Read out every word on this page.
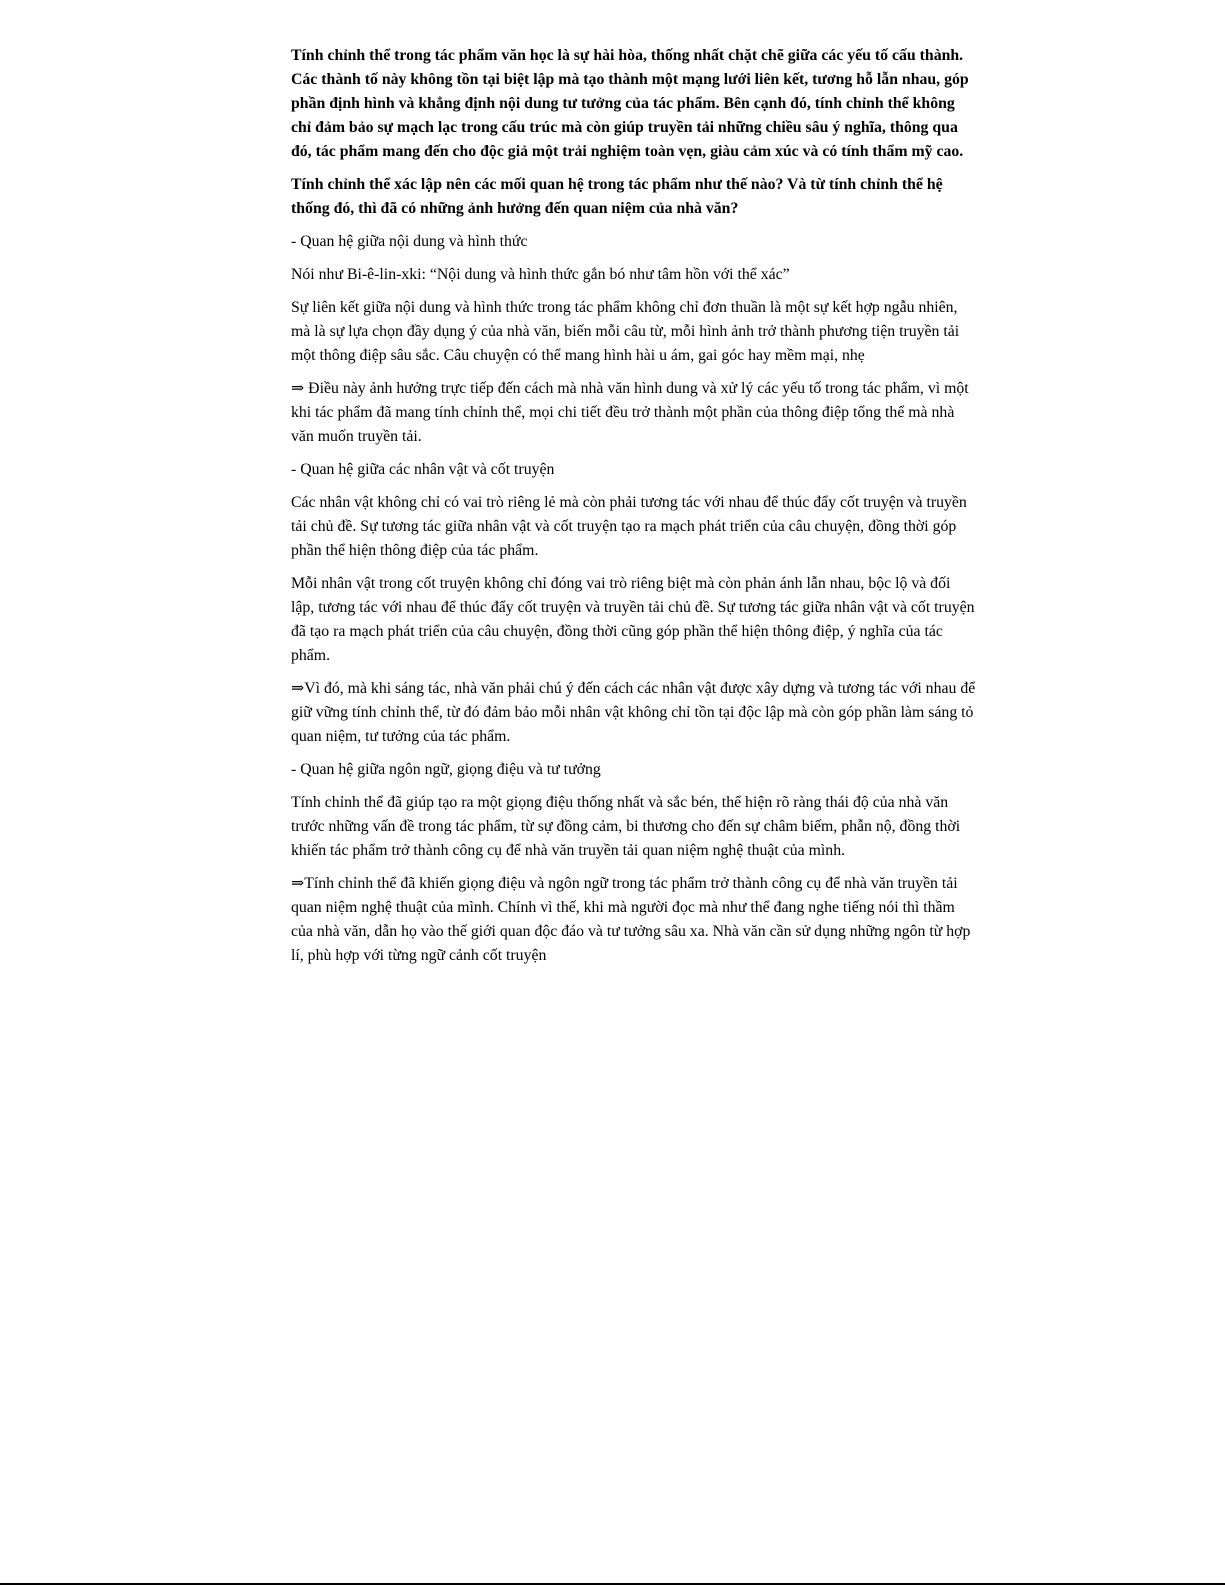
Tính chỉnh thể trong tác phẩm văn học là sự hài hòa, thống nhất chặt chẽ giữa các yếu tố cấu thành. Các thành tố này không tồn tại biệt lập mà tạo thành một mạng lưới liên kết, tương hỗ lẫn nhau, góp phần định hình và khẳng định nội dung tư tưởng của tác phẩm. Bên cạnh đó, tính chỉnh thể không chỉ đảm bảo sự mạch lạc trong cấu trúc mà còn giúp truyền tải những chiều sâu ý nghĩa, thông qua đó, tác phẩm mang đến cho độc giả một trải nghiệm toàn vẹn, giàu cảm xúc và có tính thẩm mỹ cao.

Tính chỉnh thể xác lập nên các mối quan hệ trong tác phẩm như thế nào? Và từ tính chỉnh thể hệ thống đó, thì đã có những ảnh hưởng đến quan niệm của nhà văn?

- Quan hệ giữa nội dung và hình thức

Nói như Bi-ê-lin-xki: “Nội dung và hình thức gắn bó như tâm hồn với thể xác”

Sự liên kết giữa nội dung và hình thức trong tác phẩm không chỉ đơn thuần là một sự kết hợp ngẫu nhiên, mà là sự lựa chọn đầy dụng ý của nhà văn, biến mỗi câu từ, mỗi hình ảnh trở thành phương tiện truyền tải một thông điệp sâu sắc. Câu chuyện có thể mang hình hài u ám, gai góc hay mềm mại, nhẹ

⇒ Điều này ảnh hưởng trực tiếp đến cách mà nhà văn hình dung và xử lý các yếu tố trong tác phẩm, vì một khi tác phẩm đã mang tính chỉnh thể, mọi chi tiết đều trở thành một phần của thông điệp tổng thể mà nhà văn muốn truyền tải.

- Quan hệ giữa các nhân vật và cốt truyện

Các nhân vật không chỉ có vai trò riêng lẻ mà còn phải tương tác với nhau để thúc đẩy cốt truyện và truyền tải chủ đề. Sự tương tác giữa nhân vật và cốt truyện tạo ra mạch phát triển của câu chuyện, đồng thời góp phần thể hiện thông điệp của tác phẩm.

Mỗi nhân vật trong cốt truyện không chỉ đóng vai trò riêng biệt mà còn phản ánh lẫn nhau, bộc lộ và đối lập, tương tác với nhau để thúc đẩy cốt truyện và truyền tải chủ đề. Sự tương tác giữa nhân vật và cốt truyện đã tạo ra mạch phát triển của câu chuyện, đồng thời cũng góp phần thể hiện thông điệp, ý nghĩa của tác phẩm.

⇒Vì đó, mà khi sáng tác, nhà văn phải chú ý đến cách các nhân vật được xây dựng và tương tác với nhau để giữ vững tính chỉnh thể, từ đó đảm bảo mỗi nhân vật không chỉ tồn tại độc lập mà còn góp phần làm sáng tỏ quan niệm, tư tưởng của tác phẩm.

- Quan hệ giữa ngôn ngữ, giọng điệu và tư tưởng

Tính chỉnh thể đã giúp tạo ra một giọng điệu thống nhất và sắc bén, thể hiện rõ ràng thái độ của nhà văn trước những vấn đề trong tác phẩm, từ sự đồng cảm, bi thương cho đến sự châm biếm, phẫn nộ, đồng thời khiến tác phẩm trở thành công cụ để nhà văn truyền tải quan niệm nghệ thuật của mình.

⇒Tính chỉnh thể đã khiến giọng điệu và ngôn ngữ trong tác phẩm trở thành công cụ để nhà văn truyền tải quan niệm nghệ thuật của mình. Chính vì thế, khi mà người đọc mà như thể đang nghe tiếng nói thì thầm của nhà văn, dẫn họ vào thế giới quan độc đáo và tư tưởng sâu xa. Nhà văn cần sử dụng những ngôn từ hợp lí, phù hợp với từng ngữ cảnh cốt truyện
